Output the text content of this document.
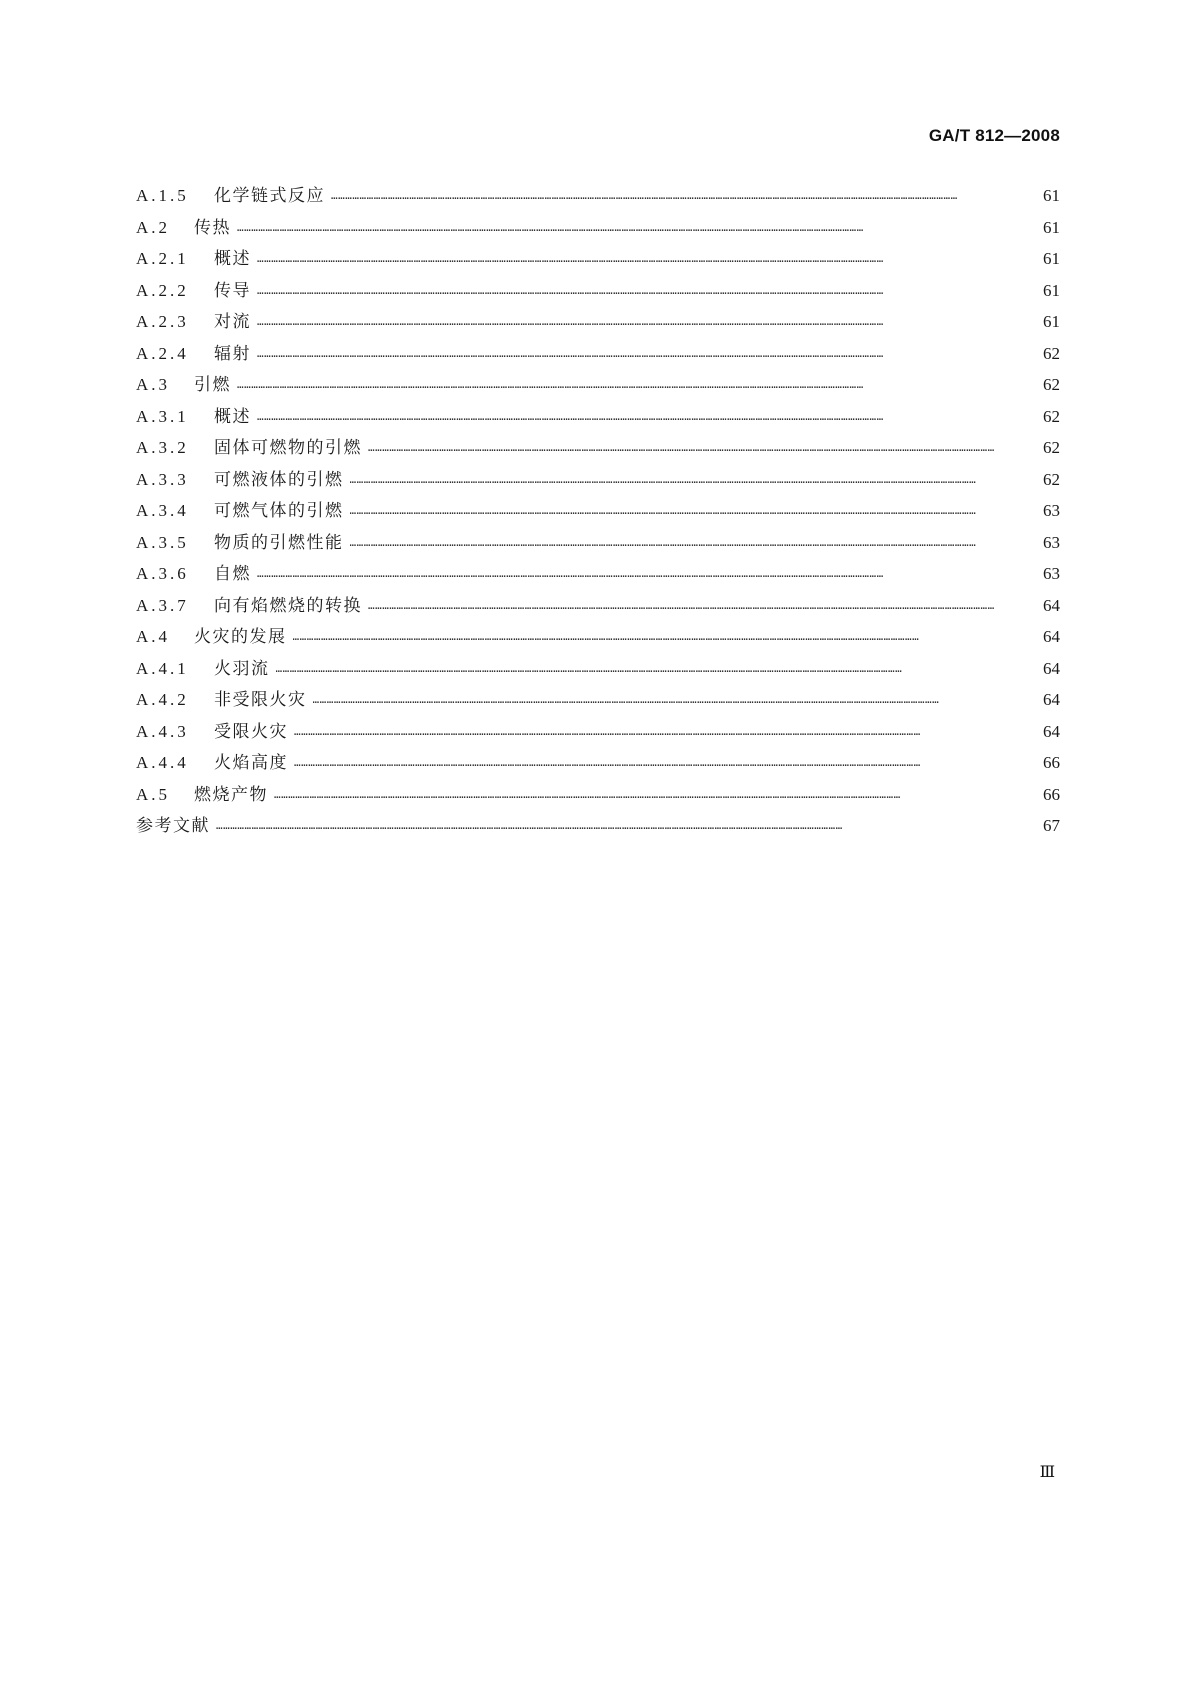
GA/T 812—2008
A.1.5	化学链式反应 …………………………………………………………………………………………………………………………………………………………………………………………………………………………………………	61
A.2	传热 …………………………………………………………………………………………………………………………………………………………………………………………………………………………………………	61
A.2.1	概述 …………………………………………………………………………………………………………………………………………………………………………………………………………………………………………	61
A.2.2	传导 …………………………………………………………………………………………………………………………………………………………………………………………………………………………………………	61
A.2.3	对流 …………………………………………………………………………………………………………………………………………………………………………………………………………………………………………	61
A.2.4	辐射 …………………………………………………………………………………………………………………………………………………………………………………………………………………………………………	62
A.3	引燃 …………………………………………………………………………………………………………………………………………………………………………………………………………………………………………	62
A.3.1	概述 …………………………………………………………………………………………………………………………………………………………………………………………………………………………………………	62
A.3.2	固体可燃物的引燃 …………………………………………………………………………………………………………………………………………………………………………………………………………………………………………	62
A.3.3	可燃液体的引燃 …………………………………………………………………………………………………………………………………………………………………………………………………………………………………………	62
A.3.4	可燃气体的引燃 …………………………………………………………………………………………………………………………………………………………………………………………………………………………………………	63
A.3.5	物质的引燃性能 …………………………………………………………………………………………………………………………………………………………………………………………………………………………………………	63
A.3.6	自燃 …………………………………………………………………………………………………………………………………………………………………………………………………………………………………………	63
A.3.7	向有焰燃烧的转换 …………………………………………………………………………………………………………………………………………………………………………………………………………………………………………	64
A.4	火灾的发展 …………………………………………………………………………………………………………………………………………………………………………………………………………………………………………	64
A.4.1	火羽流 …………………………………………………………………………………………………………………………………………………………………………………………………………………………………………	64
A.4.2	非受限火灾 …………………………………………………………………………………………………………………………………………………………………………………………………………………………………………	64
A.4.3	受限火灾 …………………………………………………………………………………………………………………………………………………………………………………………………………………………………………	64
A.4.4	火焰高度 …………………………………………………………………………………………………………………………………………………………………………………………………………………………………………	66
A.5	燃烧产物 …………………………………………………………………………………………………………………………………………………………………………………………………………………………………………	66
参考文献 …………………………………………………………………………………………………………………………………………………………………………………………………………………………………………	67
Ⅲ
